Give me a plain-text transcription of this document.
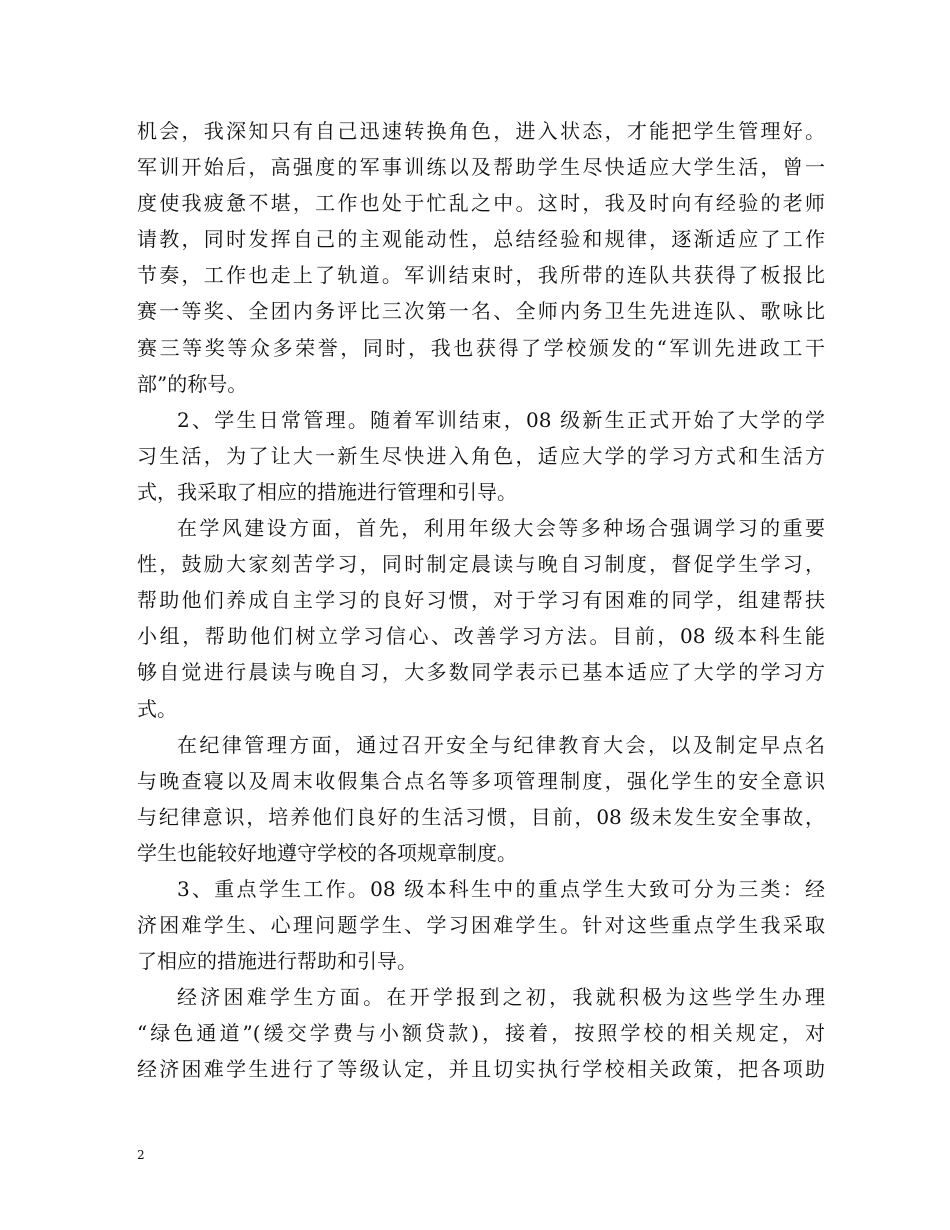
机会，我深知只有自己迅速转换角色，进入状态，才能把学生管理好。
军训开始后，高强度的军事训练以及帮助学生尽快适应大学生活，曾一
度使我疲惫不堪，工作也处于忙乱之中。这时，我及时向有经验的老师
请教，同时发挥自己的主观能动性，总结经验和规律，逐渐适应了工作
节奏，工作也走上了轨道。军训结束时，我所带的连队共获得了板报比
赛一等奖、全团内务评比三次第一名、全师内务卫生先进连队、歌咏比
赛三等奖等众多荣誉，同时，我也获得了学校颁发的“军训先进政工干
部”的称号。
2、学生日常管理。随着军训结束，08 级新生正式开始了大学的学
习生活，为了让大一新生尽快进入角色，适应大学的学习方式和生活方
式，我采取了相应的措施进行管理和引导。
在学风建设方面，首先，利用年级大会等多种场合强调学习的重要
性，鼓励大家刻苦学习，同时制定晨读与晚自习制度，督促学生学习，
帮助他们养成自主学习的良好习惯，对于学习有困难的同学，组建帮扶
小组，帮助他们树立学习信心、改善学习方法。目前，08 级本科生能
够自觉进行晨读与晚自习，大多数同学表示已基本适应了大学的学习方
式。
在纪律管理方面，通过召开安全与纪律教育大会，以及制定早点名
与晚查寝以及周末收假集合点名等多项管理制度，强化学生的安全意识
与纪律意识，培养他们良好的生活习惯，目前，08 级未发生安全事故，
学生也能较好地遵守学校的各项规章制度。
3、重点学生工作。08 级本科生中的重点学生大致可分为三类：经
济困难学生、心理问题学生、学习困难学生。针对这些重点学生我采取
了相应的措施进行帮助和引导。
经济困难学生方面。在开学报到之初，我就积极为这些学生办理
“绿色通道”(缓交学费与小额贷款)，接着，按照学校的相关规定，对
经济困难学生进行了等级认定，并且切实执行学校相关政策，把各项助
2
